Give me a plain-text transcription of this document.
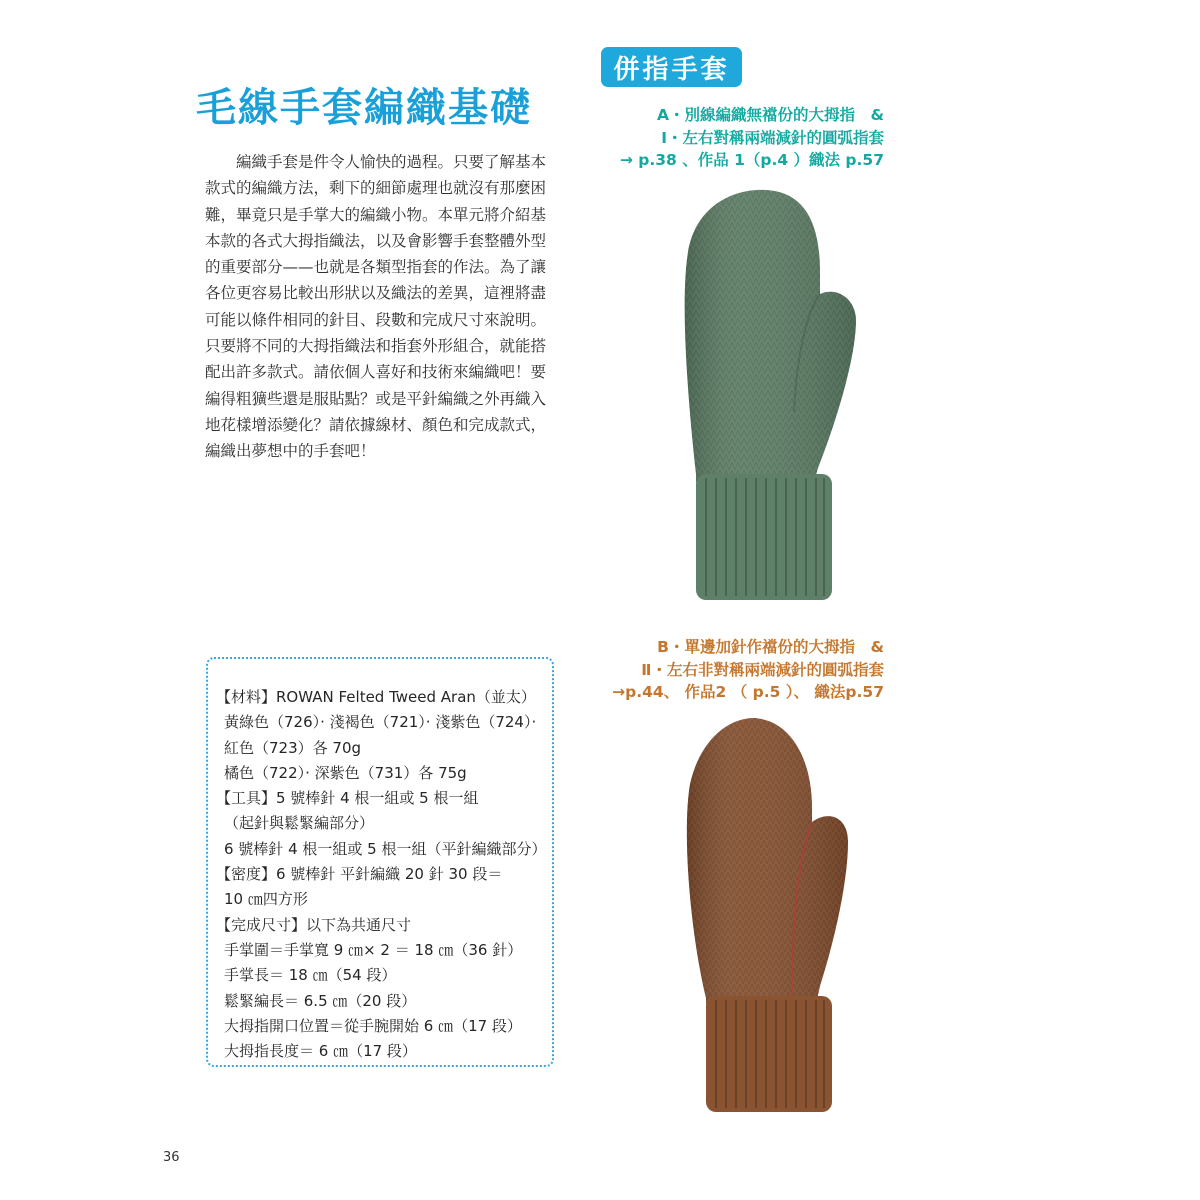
毛線手套編織基礎

編織手套是件令人愉快的過程。只要了解基本款式的編織方法，剩下的細節處理也就沒有那麼困難，畢竟只是手掌大的編織小物。本單元將介紹基本款的各式大拇指織法，以及會影響手套整體外型的重要部分——也就是各類型指套的作法。為了讓各位更容易比較出形狀以及織法的差異，這裡將盡可能以條件相同的針目、段數和完成尺寸來說明。只要將不同的大拇指織法和指套外形組合，就能搭配出許多款式。請依個人喜好和技術來編織吧！要編得粗獷些還是服貼點？或是平針編織之外再織入地花樣增添變化？請依據線材、顏色和完成款式，編織出夢想中的手套吧！

併指手套
A・別線編織無襠份的大拇指　&
Ⅰ・左右對稱兩端減針的圓弧指套
→ p.38 、作品 1（p.4 ）織法 p.57
B・單邊加針作襠份的大拇指　&
Ⅱ・左右非對稱兩端減針的圓弧指套
→p.44、 作品2 （ p.5 ）、 織法p.57
【材料】ROWAN Felted Tweed Aran（並太）
黃綠色（726）· 淺褐色（721）· 淺紫色（724）·
紅色（723）各 70g
橘色（722）· 深紫色（731）各 75g
【工具】5 號棒針 4 根一組或 5 根一組
（起針與鬆緊編部分）
6 號棒針 4 根一組或 5 根一組（平針編織部分）
【密度】6 號棒針 平針編織 20 針 30 段＝
10 ㎝四方形
【完成尺寸】以下為共通尺寸
手掌圍＝手掌寬 9 ㎝× 2 ＝ 18 ㎝（36 針）
手掌長＝ 18 ㎝（54 段）
鬆緊編長＝ 6.5 ㎝（20 段）
大拇指開口位置＝從手腕開始 6 ㎝（17 段）
大拇指長度＝ 6 ㎝（17 段）
36
